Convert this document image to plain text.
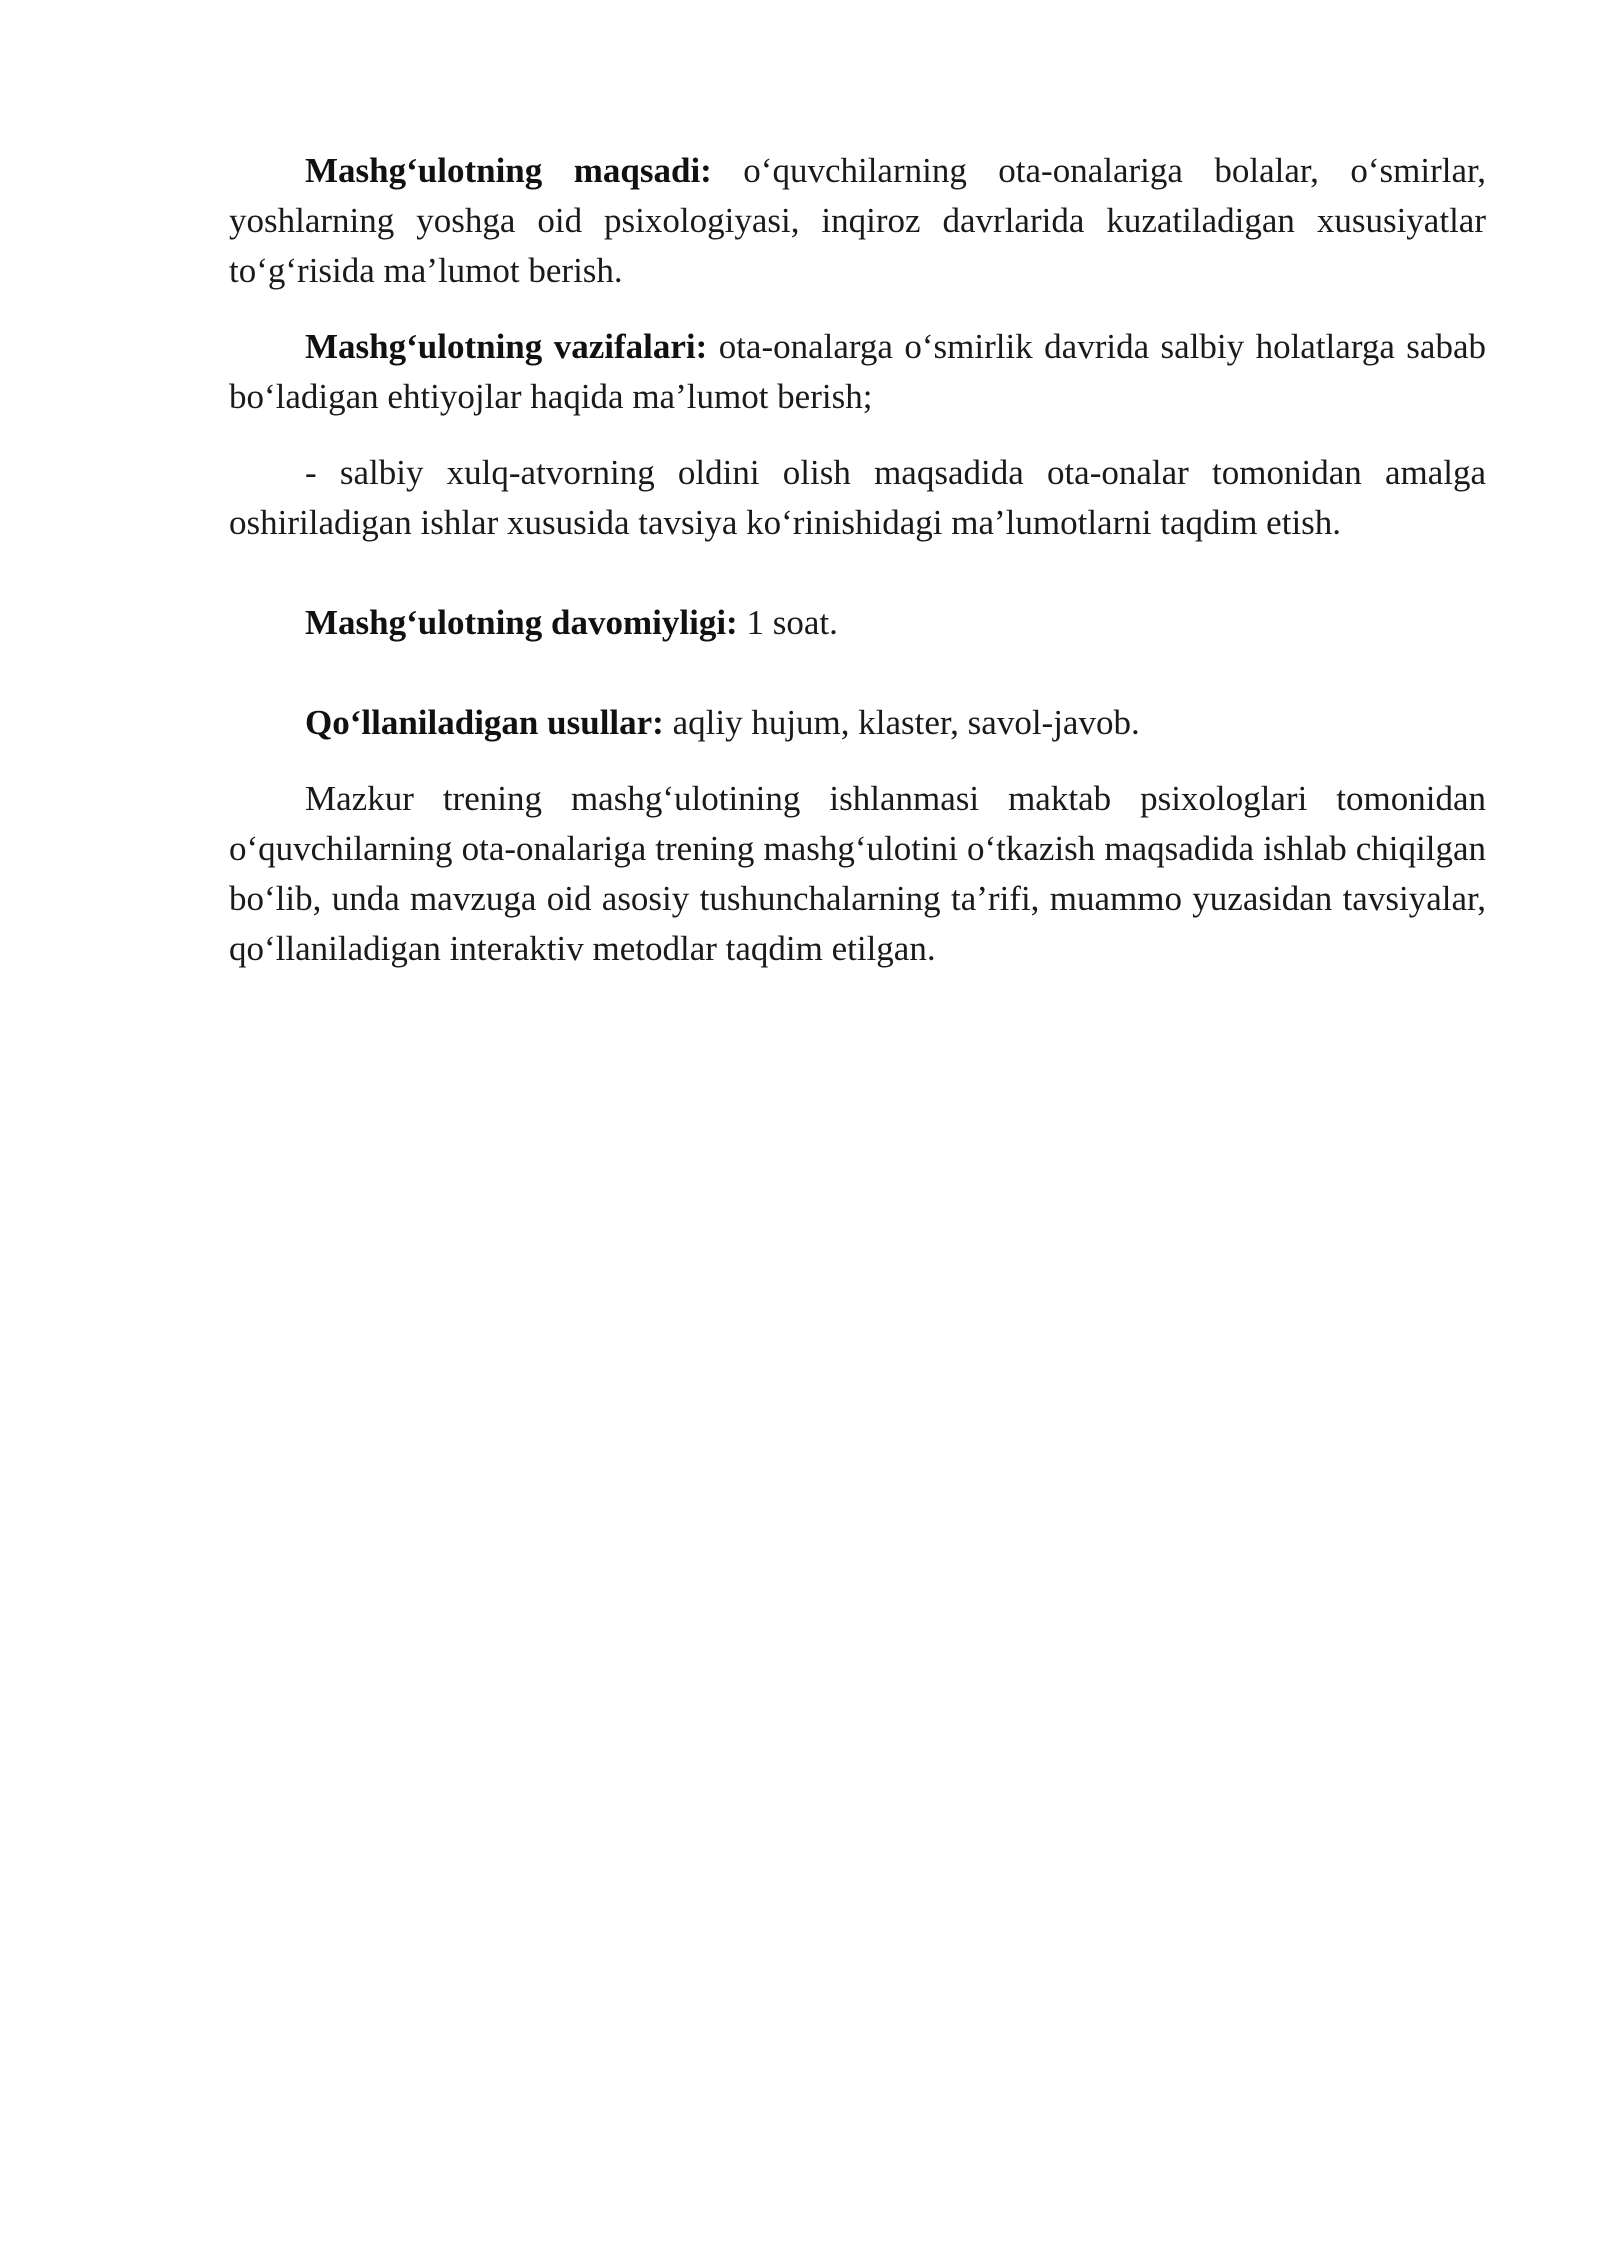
Mashg‘ulotning maqsadi: o‘quvchilarning ota-onalariga bolalar, o‘smirlar, yoshlarning yoshga oid psixologiyasi, inqiroz davrlarida kuzatiladigan xususiyatlar to‘g‘risida ma’lumot berish.

Mashg‘ulotning vazifalari: ota-onalarga o‘smirlik davrida salbiy holatlarga sabab bo‘ladigan ehtiyojlar haqida ma’lumot berish;

- salbiy xulq-atvorning oldini olish maqsadida ota-onalar tomonidan amalga oshiriladigan ishlar xususida tavsiya ko‘rinishidagi ma’lumotlarni taqdim etish.

Mashg‘ulotning davomiyligi: 1 soat.

Qo‘llaniladigan usullar: aqliy hujum, klaster, savol-javob.

Mazkur trening mashg‘ulotining ishlanmasi maktab psixologlari tomonidan o‘quvchilarning ota-onalariga trening mashg‘ulotini o‘tkazish maqsadida ishlab chiqilgan bo‘lib, unda mavzuga oid asosiy tushunchalarning ta’rifi, muammo yuzasidan tavsiyalar, qo‘llaniladigan interaktiv metodlar taqdim etilgan.
